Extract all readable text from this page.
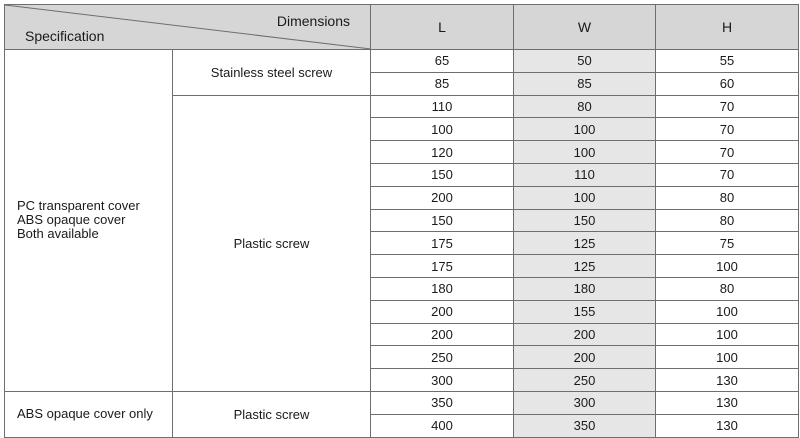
Dimensions
Specification		L	W	H

PC transparent cover
ABS opaque cover
Both available	Stainless steel screw	65	50	55
		85	85	60
	Plastic screw	110	80	70
		100	100	70
		120	100	70
		150	110	70
		200	100	80
		150	150	80
		175	125	75
		175	125	100
		180	180	80
		200	155	100
		200	200	100
		250	200	100
		300	250	130

ABS opaque cover only	Plastic screw	350	300	130
		400	350	130
